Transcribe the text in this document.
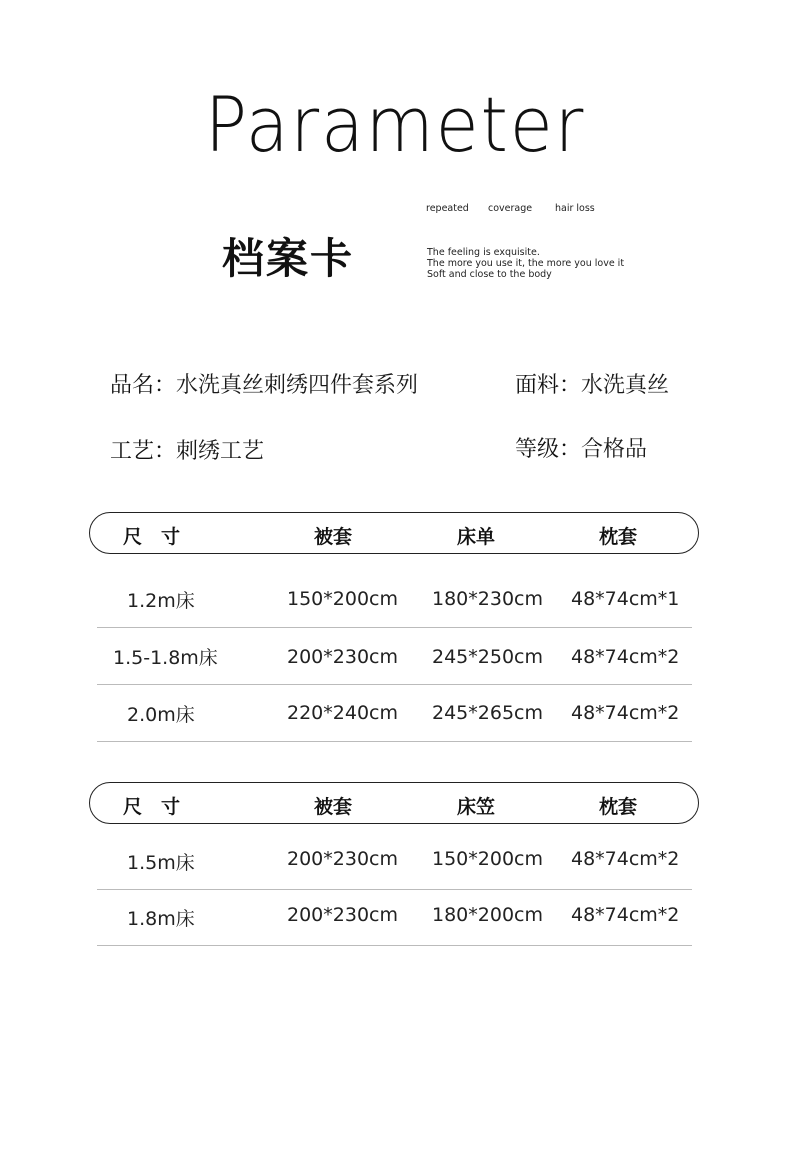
Parameter
档案卡
repeated coverage hair loss
The feeling is exquisite.
The more you use it, the more you love it
Soft and close to the body
品名：水洗真丝刺绣四件套系列	面料：水洗真丝
工艺：刺绣工艺	等级：合格品
尺　寸	被套	床单	枕套
1.2m床	150*200cm 180*230cm 48*74cm*1
1.5-1.8m床	200*230cm 245*250cm 48*74cm*2
2.0m床	220*240cm 245*265cm 48*74cm*2
尺　寸	被套	床笠	枕套
1.5m床	200*230cm 150*200cm 48*74cm*2
1.8m床	200*230cm 180*200cm 48*74cm*2
